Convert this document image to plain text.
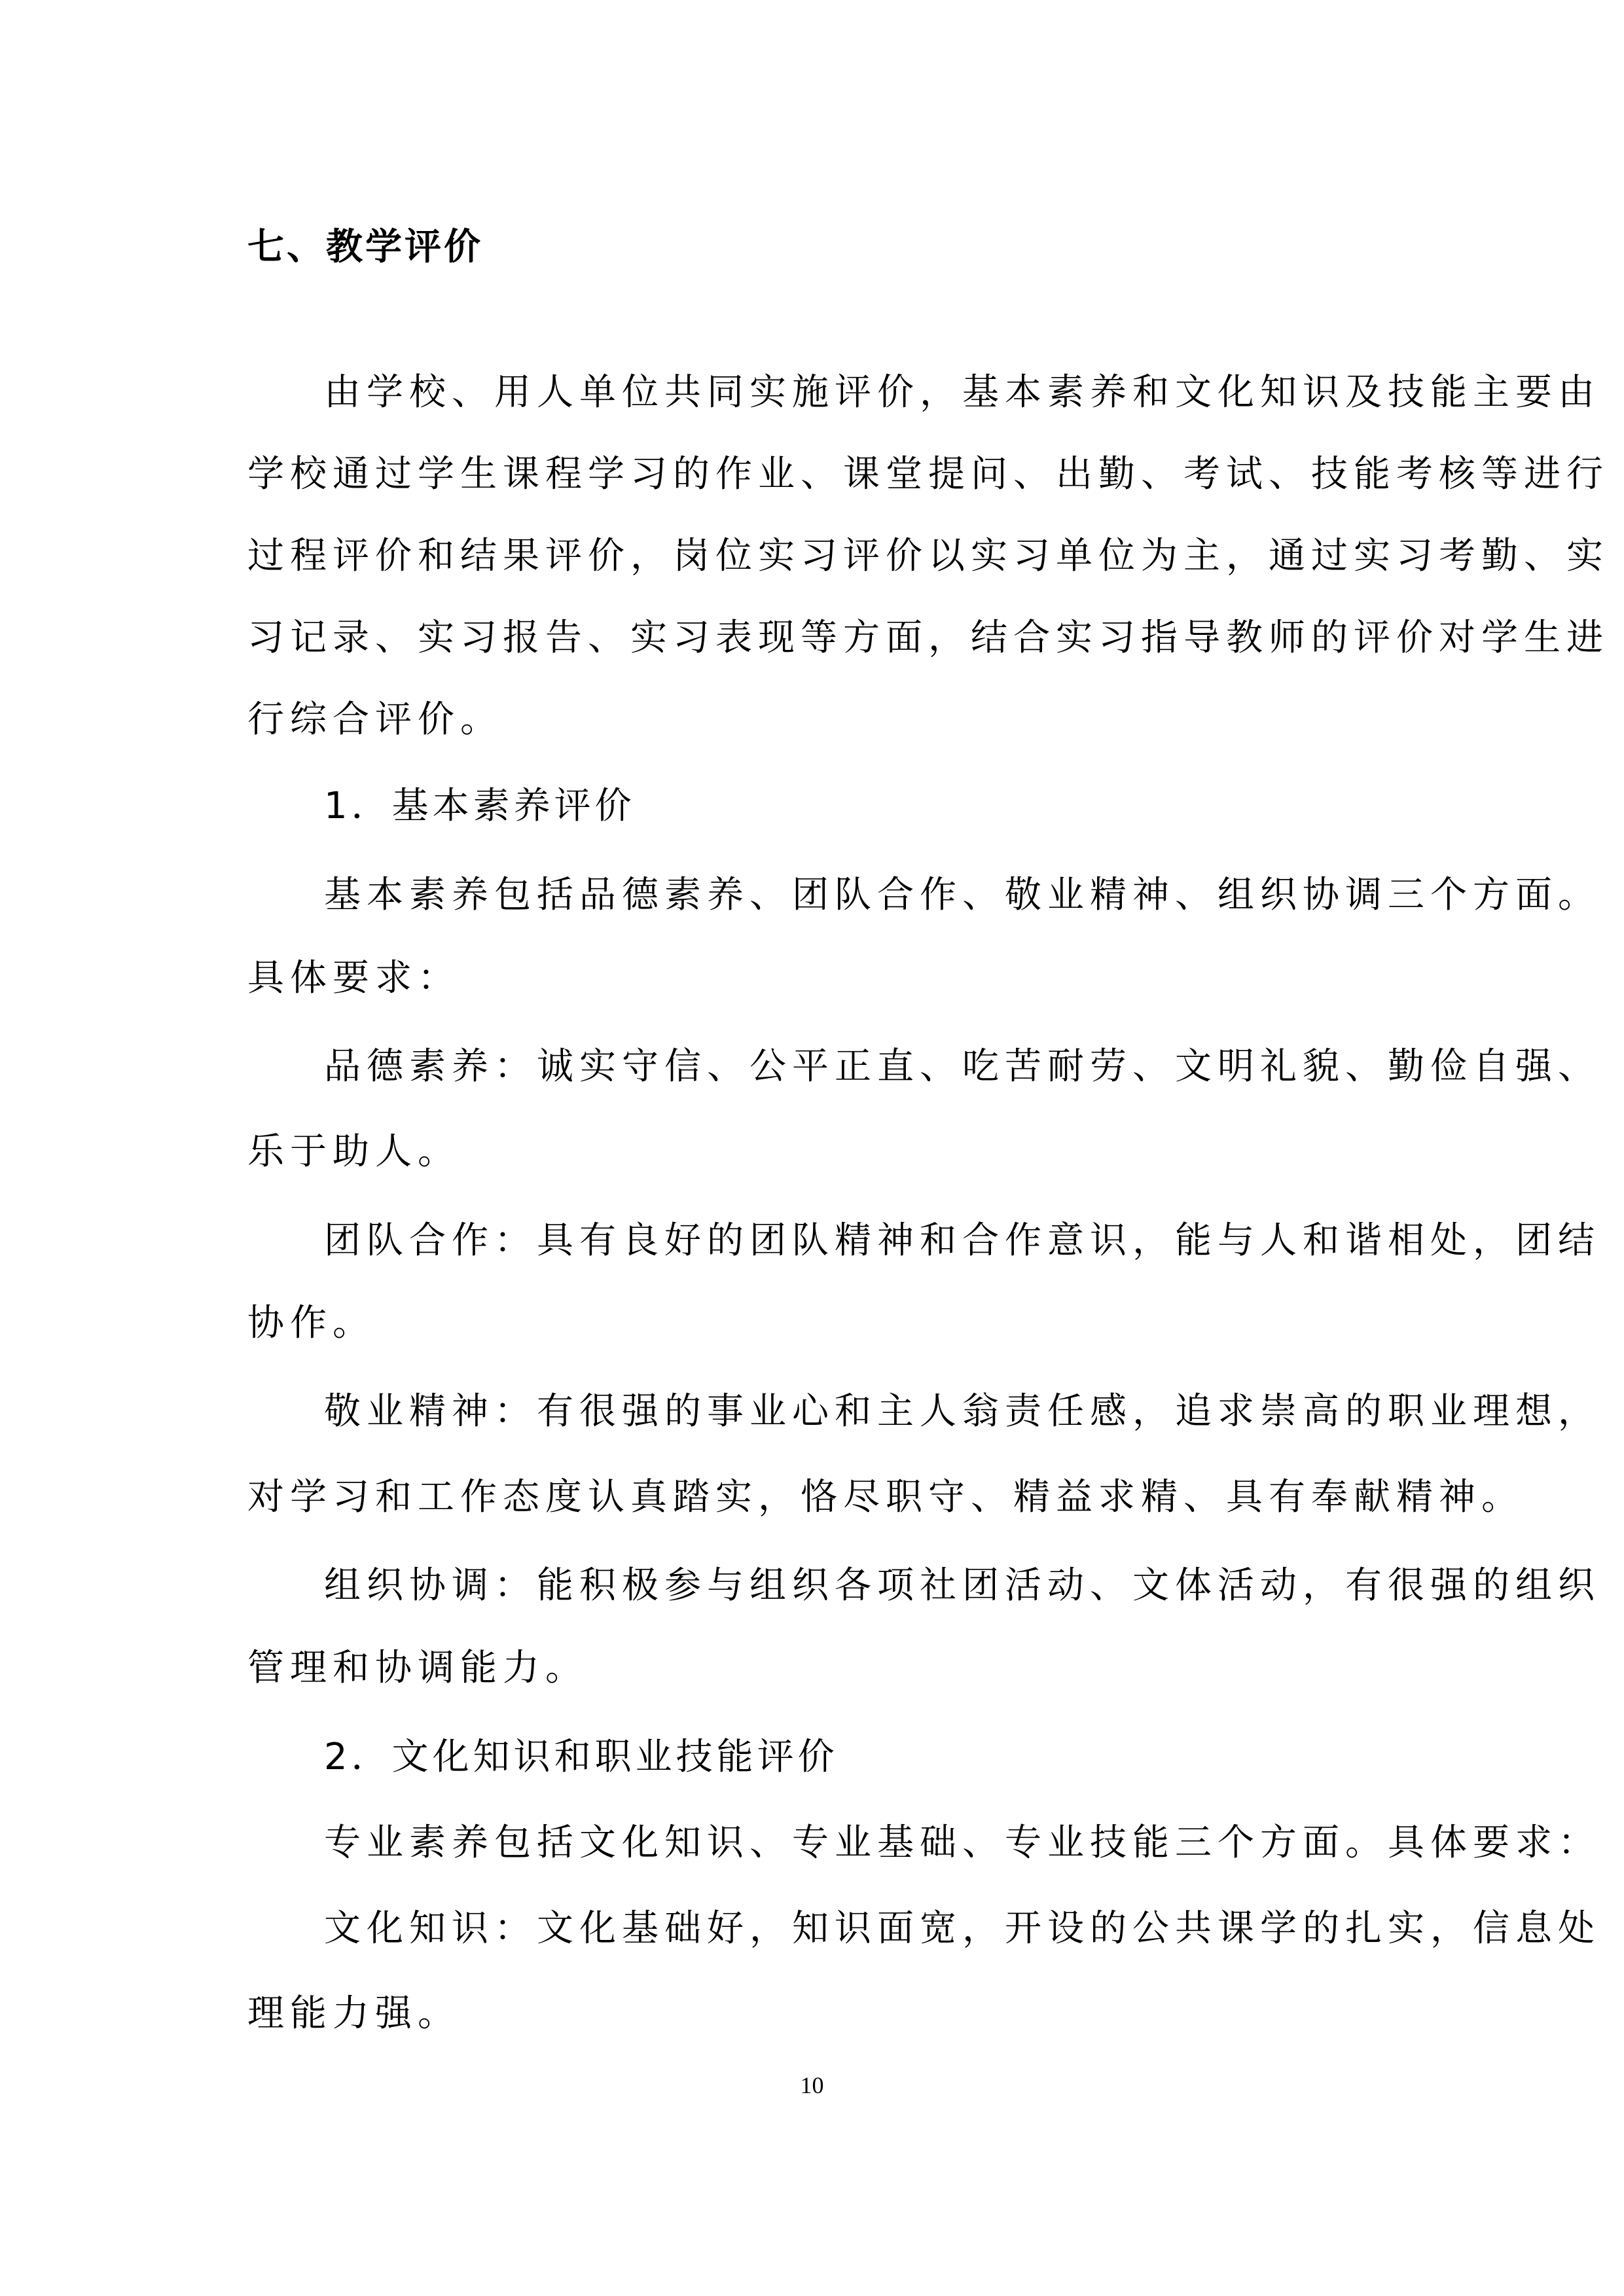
七、教学评价
由学校、用人单位共同实施评价，基本素养和文化知识及技能主要由
学校通过学生课程学习的作业、课堂提问、出勤、考试、技能考核等进行
过程评价和结果评价，岗位实习评价以实习单位为主，通过实习考勤、实
习记录、实习报告、实习表现等方面，结合实习指导教师的评价对学生进
行综合评价。
1．基本素养评价
基本素养包括品德素养、团队合作、敬业精神、组织协调三个方面。
具体要求：
品德素养：诚实守信、公平正直、吃苦耐劳、文明礼貌、勤俭自强、
乐于助人。
团队合作：具有良好的团队精神和合作意识，能与人和谐相处，团结
协作。
敬业精神：有很强的事业心和主人翁责任感，追求崇高的职业理想，
对学习和工作态度认真踏实，恪尽职守、精益求精、具有奉献精神。
组织协调：能积极参与组织各项社团活动、文体活动，有很强的组织
管理和协调能力。
2．文化知识和职业技能评价
专业素养包括文化知识、专业基础、专业技能三个方面。具体要求：
文化知识：文化基础好，知识面宽，开设的公共课学的扎实，信息处
理能力强。
10
